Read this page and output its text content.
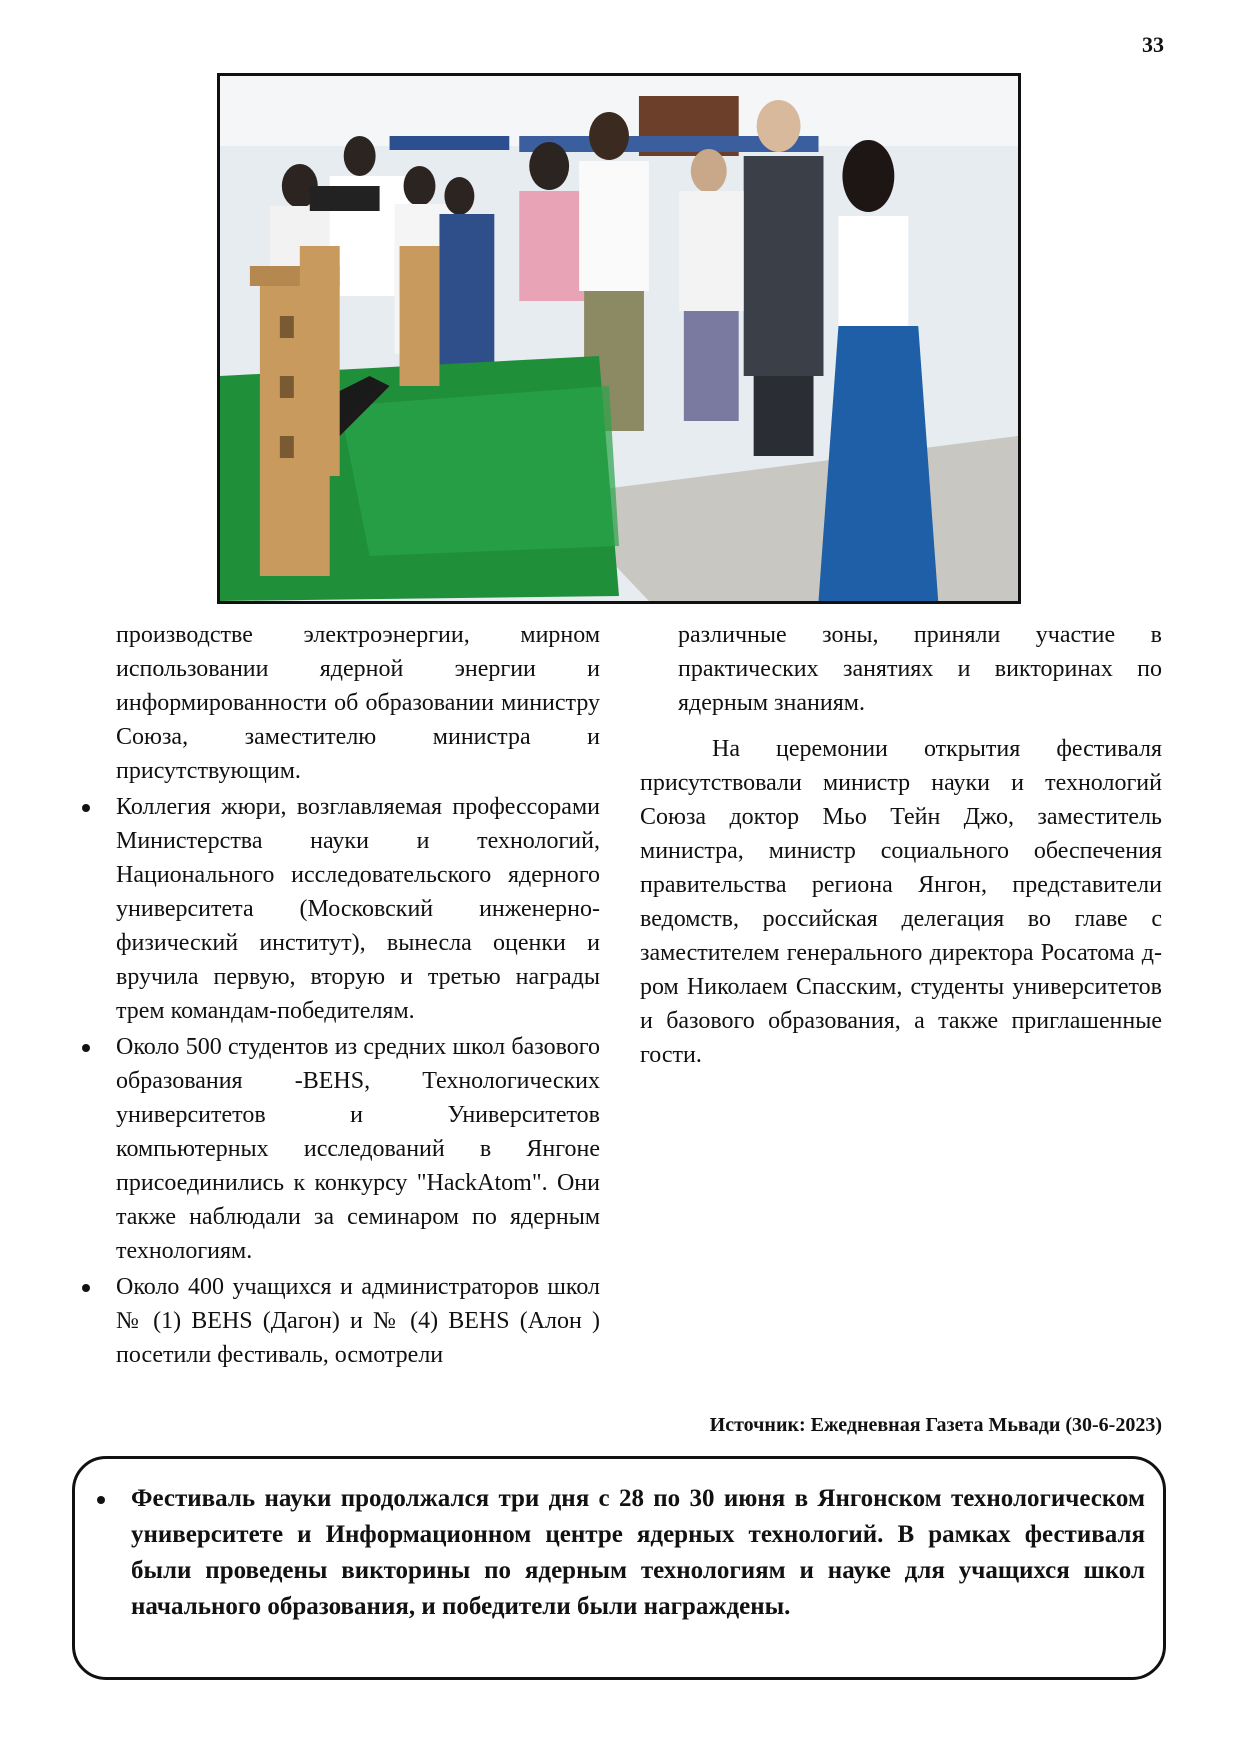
33

производстве электроэнергии, мирном использовании ядерной энергии и информированности об образовании министру Союза, заместителю министра и присутствующим.

Коллегия жюри, возглавляемая профессорами Министерства науки и технологий, Национального исследовательского ядерного университета (Московский инженерно-физический институт), вынесла оценки и вручила первую, вторую и третью награды трем командам-победителям.
Около 500 студентов из средних школ базового образования -BEHS, Технологических университетов и Университетов компьютерных исследований в Янгоне присоединились к конкурсу "HackAtom". Они также наблюдали за семинаром по ядерным технологиям.
Около 400 учащихся и администраторов школ № (1) BEHS (Дагон) и № (4) BEHS (Алон ) посетили фестиваль, осмотрели

различные зоны, приняли участие в практических занятиях и викторинах по ядерным знаниям.

На церемонии открытия фестиваля присутствовали министр науки и технологий Союза доктор Мьо Тейн Джо, заместитель министра, министр социального обеспечения правительства региона Янгон, представители ведомств, российская делегация во главе с заместителем генерального директора Росатома д-ром Николаем Спасским, студенты университетов и базового образования, а также приглашенные гости.

Источник: Ежедневная Газета Мьвади (30-6-2023)
Фестиваль науки продолжался три дня с 28 по 30 июня в Янгонском технологическом университете и Информационном центре ядерных технологий. В рамках фестиваля были проведены викторины по ядерным технологиям и науке для учащихся школ начального образования, и победители были награждены.
